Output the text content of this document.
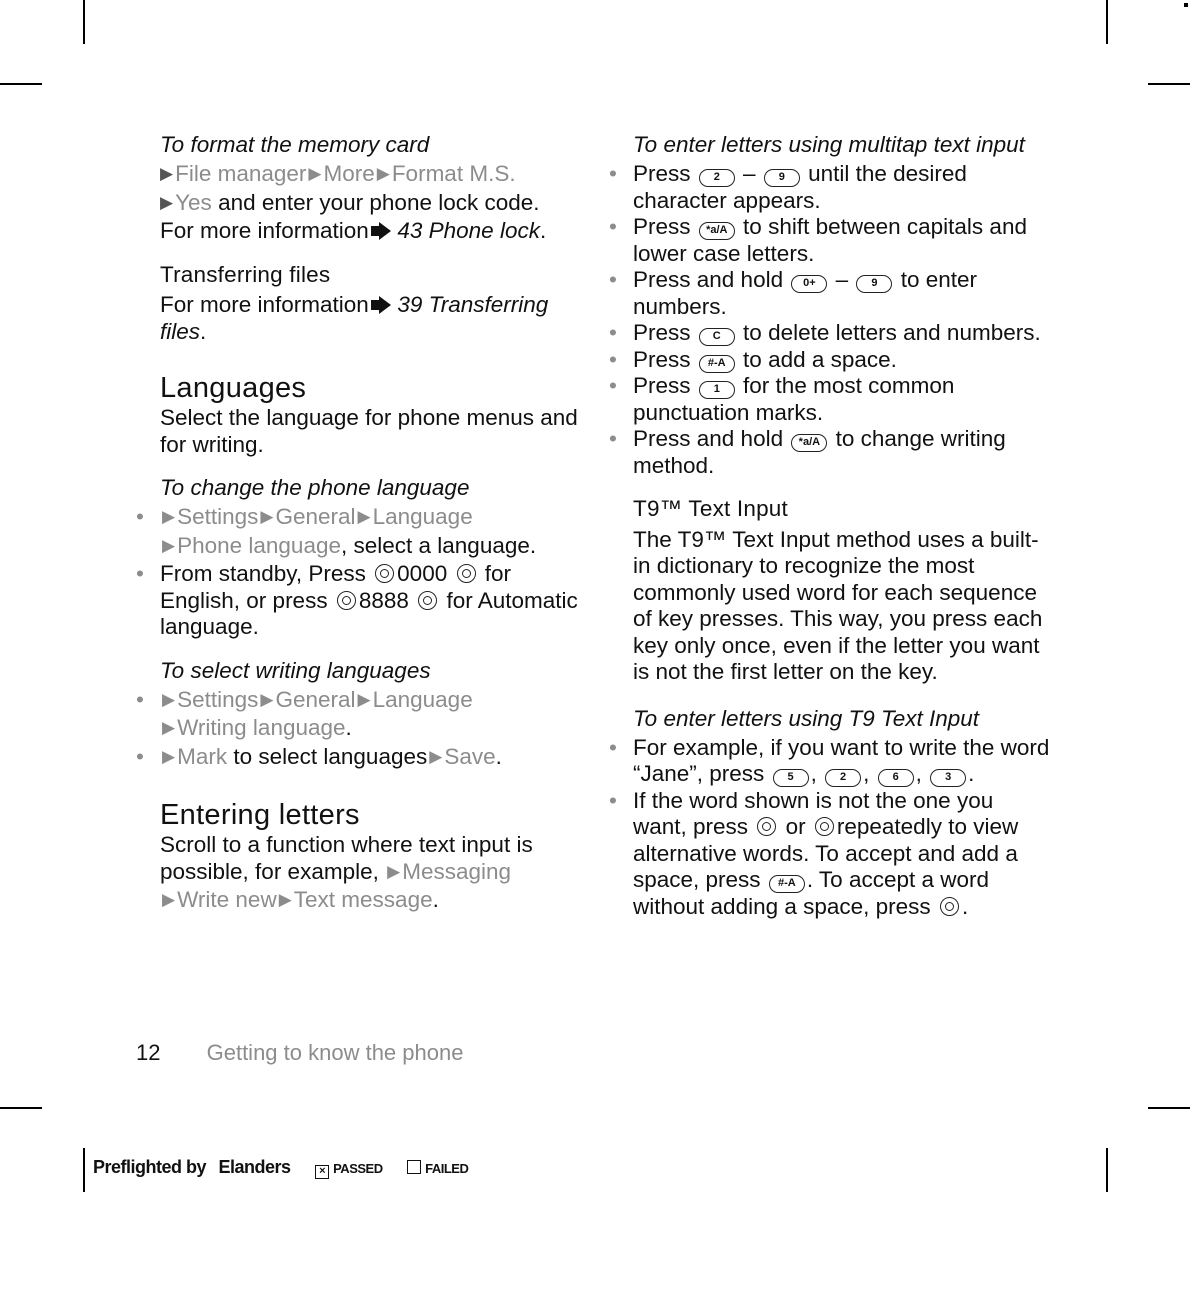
To format the memory card

▶File manager ▶More ▶Format M.S.
▶Yes and enter your phone lock code.
For more information 43 Phone lock.

Transferring files

For more information 39 Transferring files.

Languages

Select the language for phone menus and for writing.

To change the phone language

• ▶Settings ▶General ▶Language
▶Phone language, select a language.
• From standby, Press 0000 for English, or press 8888 for Automatic language.

To select writing languages

• ▶Settings ▶General ▶Language
▶Writing language.
• ▶Mark to select languages ▶Save.

Entering letters

Scroll to a function where text input is possible, for example, ▶Messaging
▶Write new ▶Text message.

To enter letters using multitap text input

• Press 2 – 9 until the desired character appears.
• Press *a/A to shift between capitals and lower case letters.
• Press and hold 0+ – 9 to enter numbers.
• Press C to delete letters and numbers.
• Press #-A to add a space.
• Press 1 for the most common punctuation marks.
• Press and hold *a/A to change writing method.

T9™ Text Input

The T9™ Text Input method uses a built-in dictionary to recognize the most commonly used word for each sequence of key presses. This way, you press each key only once, even if the letter you want is not the first letter on the key.

To enter letters using T9 Text Input

• For example, if you want to write the word “Jane”, press 5 , 2 , 6 , 3 .
• If the word shown is not the one you want, press or repeatedly to view alternative words. To accept and add a space, press #-A . To accept a word without adding a space, press .
12 Getting to know the phone
Preflighted by Elanders	× PASSED	FAILED
